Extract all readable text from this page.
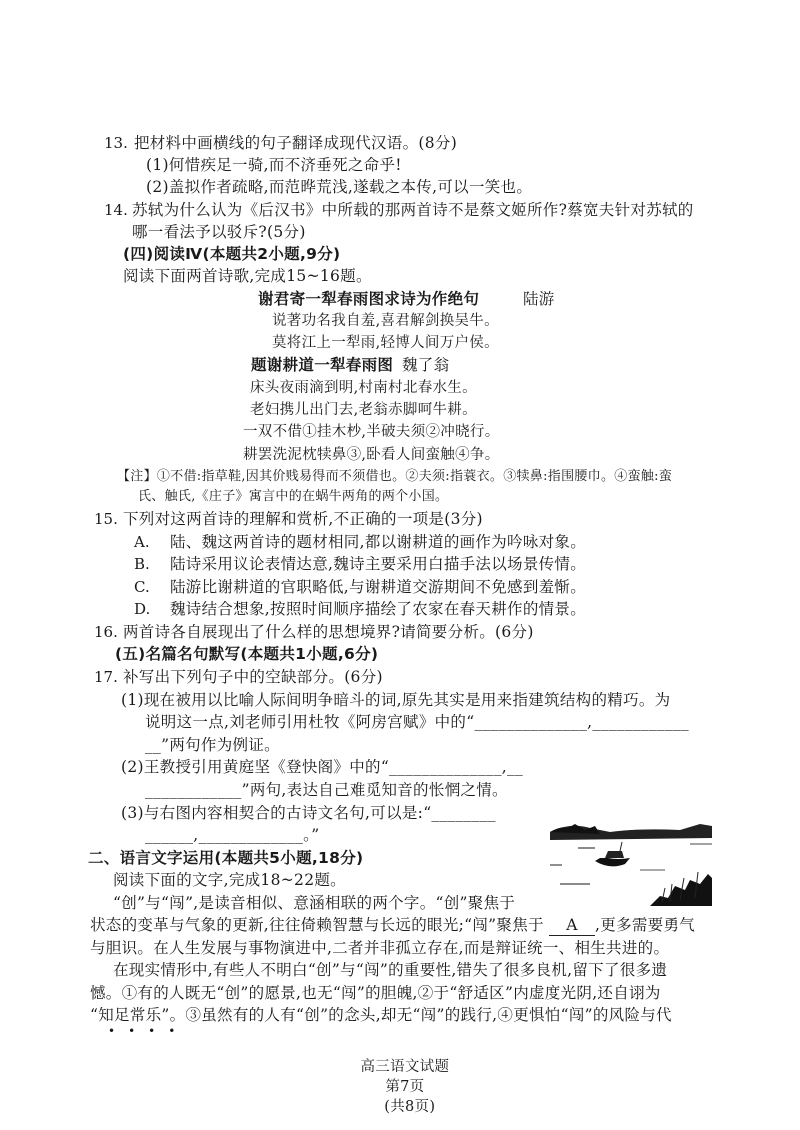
13. 把材料中画横线的句子翻译成现代汉语。(8分)
(1)何惜疾足一骑,而不济垂死之命乎!
(2)盖拟作者疏略,而范晔荒浅,遂载之本传,可以一笑也。
14. 苏轼为什么认为《后汉书》中所载的那两首诗不是蔡文姬所作?蔡宽夫针对苏轼的
哪一看法予以驳斥?(5分)
(四)阅读Ⅳ(本题共2小题,9分)
阅读下面两首诗歌,完成15~16题。
谢君寄一犁春雨图求诗为作绝句	陆游
说著功名我自羞,喜君解剑换吴牛。
莫将江上一犁雨,轻博人间万户侯。
题谢耕道一犁春雨图 魏了翁
床头夜雨滴到明,村南村北春水生。
老妇携儿出门去,老翁赤脚呵牛耕。
一双不借①挂木杪,半破夫须②冲晓行。
耕罢洗泥枕犊鼻③,卧看人间蛮触④争。
【注】①不借:指草鞋,因其价贱易得而不须借也。②夫须:指蓑衣。③犊鼻:指围腰巾。④蛮触:蛮
氏、触氏,《庄子》寓言中的在蜗牛两角的两个小国。
15. 下列对这两首诗的理解和赏析,不正确的一项是(3分)
A. 陆、魏这两首诗的题材相同,都以谢耕道的画作为吟咏对象。
B. 陆诗采用议论表情达意,魏诗主要采用白描手法以场景传情。
C. 陆游比谢耕道的官职略低,与谢耕道交游期间不免感到羞惭。
D. 魏诗结合想象,按照时间顺序描绘了农家在春天耕作的情景。
16. 两首诗各自展现出了什么样的思想境界?请简要分析。(6分)
(五)名篇名句默写(本题共1小题,6分)
17. 补写出下列句子中的空缺部分。(6分)
(1)现在被用以比喻人际间明争暗斗的词,原先其实是用来指建筑结构的精巧。为
说明这一点,刘老师引用杜牧《阿房宫赋》中的“______________,____________
__”两句作为例证。
(2)王教授引用黄庭坚《登快阁》中的“______________,__
____________”两句,表达自己难觅知音的怅惘之情。
(3)与右图内容相契合的古诗文名句,可以是:“________
______,_____________。”
二、语言文字运用(本题共5小题,18分)
阅读下面的文字,完成18~22题。
“创”与“闯”,是读音相似、意涵相联的两个字。“创”聚焦于
状态的变革与气象的更新,往往倚赖智慧与长远的眼光;“闯”聚焦于 A ,更多需要勇气
与胆识。在人生发展与事物演进中,二者并非孤立存在,而是辩证统一、相生共进的。
在现实情形中,有些人不明白“创”与“闯”的重要性,错失了很多良机,留下了很多遗
憾。①有的人既无“创”的愿景,也无“闯”的胆魄,②于“舒适区”内虚度光阴,还自诩为
“知足常乐”。③虽然有的人有“创”的念头,却无“闯”的践行,④更惧怕“闯”的风险与代
••••

高三语文试题
第7页
(共8页)
